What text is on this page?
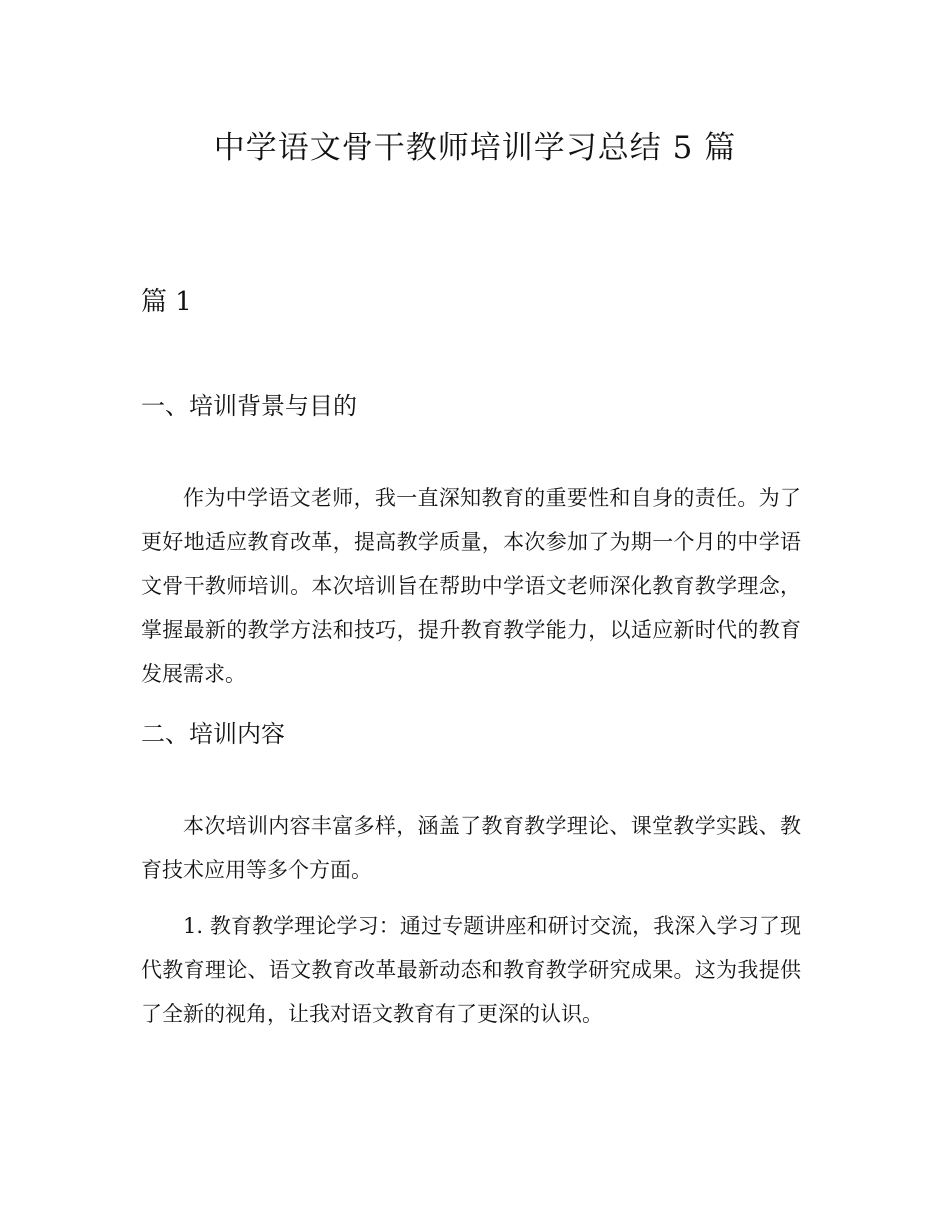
中学语文骨干教师培训学习总结 5 篇
篇 1
一、培训背景与目的

作为中学语文老师，我一直深知教育的重要性和自身的责任。为了更好地适应教育改革，提高教学质量，本次参加了为期一个月的中学语文骨干教师培训。本次培训旨在帮助中学语文老师深化教育教学理念，掌握最新的教学方法和技巧，提升教育教学能力，以适应新时代的教育发展需求。

二、培训内容

本次培训内容丰富多样，涵盖了教育教学理论、课堂教学实践、教育技术应用等多个方面。

1. 教育教学理论学习：通过专题讲座和研讨交流，我深入学习了现代教育理论、语文教育改革最新动态和教育教学研究成果。这为我提供了全新的视角，让我对语文教育有了更深的认识。
